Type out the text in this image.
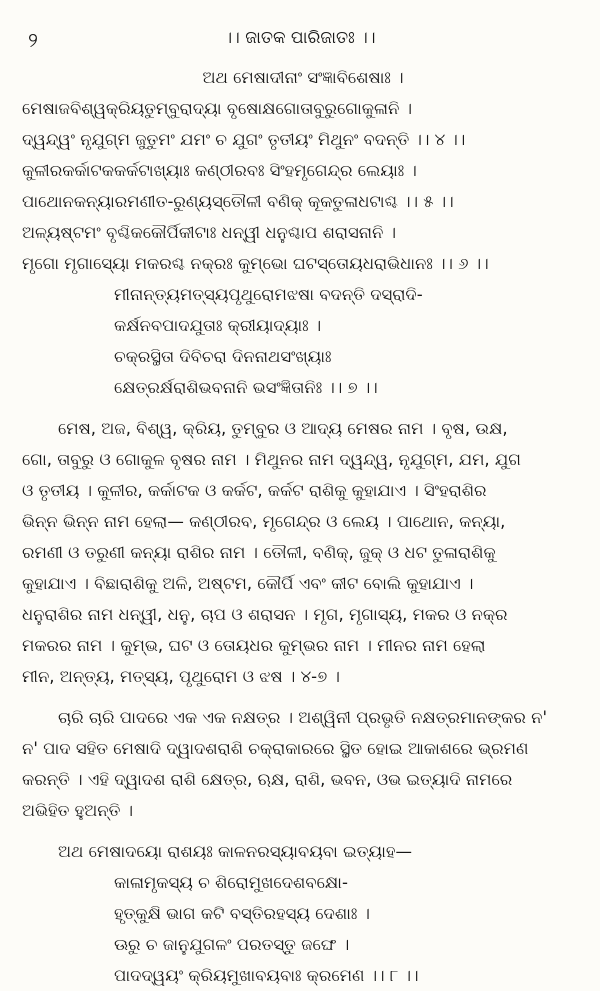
୨	।। ଜାତକ ପାରିଜାତଃ ।।
ଅଥ ମେଷାଦୀନାଂ ସଂଜ୍ଞାବିଶେଷାଃ ।
ମେଷାଜବିଶ୍ୱକ୍ରିୟତୁମ୍ବୁରାଦ୍ୟା ବୃଷୋକ୍ଷଗୋତାବୁରୁଗୋକୁଳାନି ।
ଦ୍ୱନ୍ଦ୍ୱଂ ନୃଯୁଗ୍ମ ଜୁତୁମଂ ଯମଂ ଚ ଯୁଗଂ ତୃତୀୟଂ ମିଥୁନଂ ବଦନ୍ତି ।। ୪ ।।
କୁଳୀରକର୍କାଟକକର୍କଟାଖ୍ୟାଃ କଣ୍ଠୀରବଃ ସିଂହମୃଗେନ୍ଦ୍ର ଲେୟାଃ ।
ପାଥୋନକନ୍ୟାରମଣୀତ-ରୁଣ୍ୟସ୍ତୌଳୀ ବଣିକ୍ କୂକତୁଳାଧଟାଶ୍ଚ ।। ୫ ।।
ଅଳ୍ୟଷ୍ଟମଂ ବୃଶ୍ଚିକକୌର୍ପିକୀଟାଃ ଧନ୍ୱୀ ଧନୁଶ୍ଚାପ ଶରାସନାନି ।
ମୃଗୋ ମୃଗାସ୍ୟୋ ମକରଶ୍ଚ ନକ୍ରଃ କୁମ୍ଭୋ ଘଟସ୍ତୋୟଧରାଭିଧାନଃ ।। ୬ ।।
ମୀନାନ୍ତ୍ୟମତ୍ସ୍ୟପୃଥୁରୋମଝଷା ବଦନ୍ତି ଦସ୍ରାଦି-
କର୍କ୍ଷନବପାଦଯୁତାଃ କ୍ରୀୟାଦ୍ୟାଃ ।
ଚକ୍ରସ୍ଥିତା ଦିବିଚରା ଦିନନାଥସଂଖ୍ୟାଃ
କ୍ଷେତ୍ରର୍କ୍ଷରାଶିଭବନାନି ଭସଂଜ୍ଞିତାନିଃ ।। ୭ ।।
ମେଷ, ଅଜ, ବିଶ୍ୱ, କ୍ରିୟ, ତୁମ୍ବୁର ଓ ଆଦ୍ୟ ମେଷର ନାମ । ବୃଷ, ଉକ୍ଷ,
ଗୋ, ତାବୁରୁ ଓ ଗୋକୁଳ ବୃଷର ନାମ । ମିଥୁନର ନାମ ଦ୍ୱନ୍ଦ୍ୱ, ନୃଯୁଗ୍ମ, ଯମ, ଯୁଗ
ଓ ତୃତୀୟ । କୁଳୀର, କର୍କାଟକ ଓ କର୍କଟ, କର୍କଟ ରାଶିକୁ କୁହାଯାଏ । ସିଂହରାଶିର
ଭିନ୍ନ ଭିନ୍ନ ନାମ ହେଲା— କଣ୍ଠୀରବ, ମୃଗେନ୍ଦ୍ର ଓ ଲେୟ । ପାଥୋନ, କନ୍ୟା,
ରମଣୀ ଓ ତରୁଣୀ କନ୍ୟା ରାଶିର ନାମ । ତୌଳୀ, ବଣିକ୍, ଜୁକ୍ ଓ ଧଟ ତୁଳାରାଶିକୁ
କୁହାଯାଏ । ବିଛାରାଶିକୁ ଅଳି, ଅଷ୍ଟମ, କୌର୍ପି ଏବଂ କୀଟ ବୋଲି କୁହାଯାଏ ।
ଧନୁରାଶିର ନାମ ଧନ୍ୱୀ, ଧନୁ, ଚାପ ଓ ଶରାସନ । ମୃଗ, ମୃଗାସ୍ୟ, ମକର ଓ ନକ୍ର
ମକରର ନାମ । କୁମ୍ଭ, ଘଟ ଓ ତୋୟଧର କୁମ୍ଭର ନାମ । ମୀନର ନାମ ହେଲା
ମୀନ, ଅନ୍ତ୍ୟ, ମତ୍ସ୍ୟ, ପୃଥୁରୋମ ଓ ଝଷ । ୪-୭ ।
ଚାରି ଚାରି ପାଦରେ ଏକ ଏକ ନକ୍ଷତ୍ର । ଅଶ୍ୱିନୀ ପ୍ରଭୃତି ନକ୍ଷତ୍ରମାନଙ୍କର ନ'
ନ' ପାଦ ସହିତ ମେଷାଦି ଦ୍ୱାଦଶରାଶି ଚକ୍ରାକାରରେ ସ୍ଥିତ ହୋଇ ଆକାଶରେ ଭ୍ରମଣ
କରନ୍ତି । ଏହି ଦ୍ୱାଦଶ ରାଶି କ୍ଷେତ୍ର, ଋକ୍ଷ, ରାଶି, ଭବନ, ଓଭ ଇତ୍ୟାଦି ନାମରେ
ଅଭିହିତ ହୁଅନ୍ତି ।
ଅଥ ମେଷାଦୟୋ ରାଶୟଃ କାଳନରସ୍ୟାବୟବା ଇତ୍ୟାହ—
କାଳାମୃକସ୍ୟ ଚ ଶିରୋମୁଖଦେଶବକ୍ଷୋ-
ହୃତ୍କୁକ୍ଷି ଭାଗ କଟି ବସ୍ତିରହସ୍ୟ ଦେଶାଃ ।
ଊରୁ ଚ ଜାନୁଯୁଗଳଂ ପରତସ୍ତୁ ଜଙ୍ଘେ ।
ପାଦଦ୍ୱୟଂ କ୍ରିୟମୁଖାବୟବାଃ କ୍ରମେଣ ।। ୮ ।।
